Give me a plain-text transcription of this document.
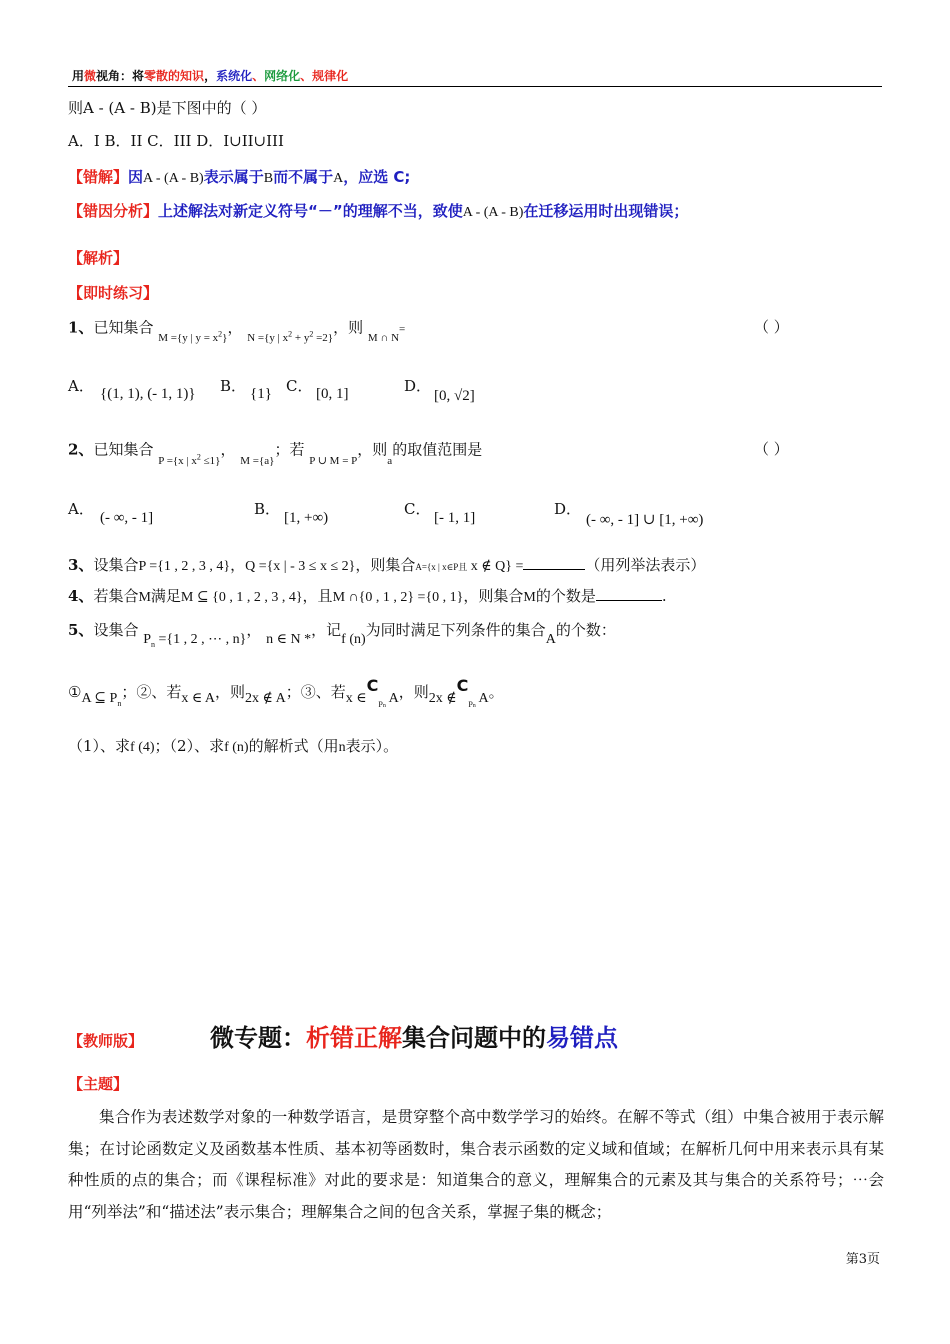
用微视角：将零散的知识，系统化、网络化、规律化
则A - (A - B)是下图中的（ ）
A．I B．II C．III D．I∪II∪III
【错解】因A - (A - B)表示属于B而不属于A，应选 C;
【错因分析】上述解法对新定义符号“－”的理解不当，致使A - (A - B)在迁移运用时出现错误；
【解析】
【即时练习】
1、已知集合 $_{M =\{y | y = x^2\}}$， $_{N =\{y | x^2 + y^2 =2\}}$，则 $_{M \cap N}$=	（ ）
A． {(1, 1), (- 1, 1)} B． {1} C． [0, 1]	D．
[0, √2]
2、已知集合 $_{P =\{x | x^2 \le 1\}}$， $_{M =\{a\}}$；若 $_{P \cup M = P}$，则$_a$的取值范围是	（ ）
A． (- ∞, - 1]	B． [1, +∞)	C． [- 1, 1]	D．
(- ∞, - 1] ∪ [1, +∞)
3、设集合P ={1 , 2 , 3 , 4}，Q ={x | - 3 ≤ x ≤ 2}，则集合A={x | x∈P且 x ∉ Q} =	（用列举法表示）
4、若集合M满足M ⊆ {0 , 1 , 2 , 3 , 4}，且M ∩{0 , 1 , 2} ={0 , 1}，则集合M的个数是	.
5、设集合 $P_n =\{1$ , 2 , ⋯ , n}， n ∈ N *，记f (n)为同时满足下列条件的集合A的个数：
①A ⊆ $P_n$；②、若x ∈ A，则2x ∉ A；③、若x $\in C_{Pn}$ A，则2x $\notin C_{Pn}$ A。
（1）、求f (4)；（2）、求f (n)的解析式（用n表示）。
【教师版】	微专题：析错正解集合问题中的易错点
【主题】
集合作为表述数学对象的一种数学语言，是贯穿整个高中数学学习的始终。在解不等式（组）中集合被用于表示解集；在讨论函数定义及函数基本性质、基本初等函数时，集合表示函数的定义域和值域；在解析几何中用来表示具有某种性质的点的集合；而《课程标准》对此的要求是：知道集合的意义，理解集合的元素及其与集合的关系符号；⋯会用“列举法”和“描述法”表示集合；理解集合之间的包含关系，掌握子集的概念；
第3页
